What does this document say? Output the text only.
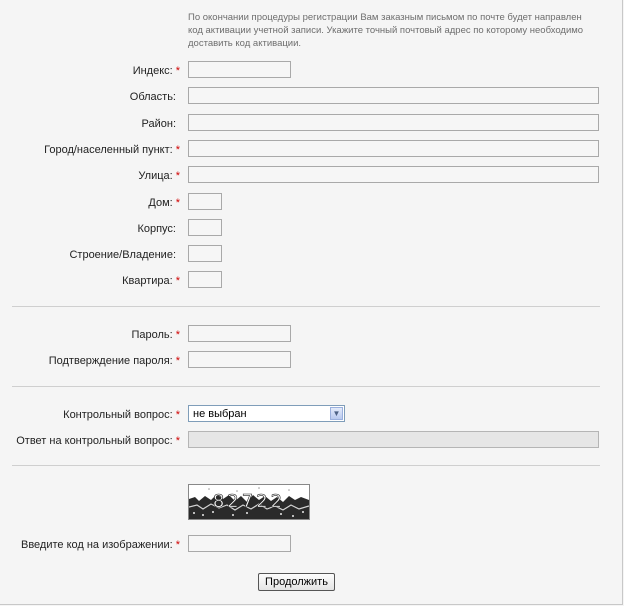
По окончании процедуры регистрации Вам заказным письмом по почте будет направлен код активации учетной записи. Укажите точный почтовый адрес по которому необходимо доставить код активации.
Индекс: *
Область:
Район:
Город/населенный пункт: *
Улица: *
Дом: *
Корпус:
Строение/Владение:
Квартира: *
Пароль: *
Подтверждение пароля: *
Контрольный вопрос: * не выбран	▼
Ответ на контрольный вопрос: *
82722
Введите код на изображении: *
Продолжить
